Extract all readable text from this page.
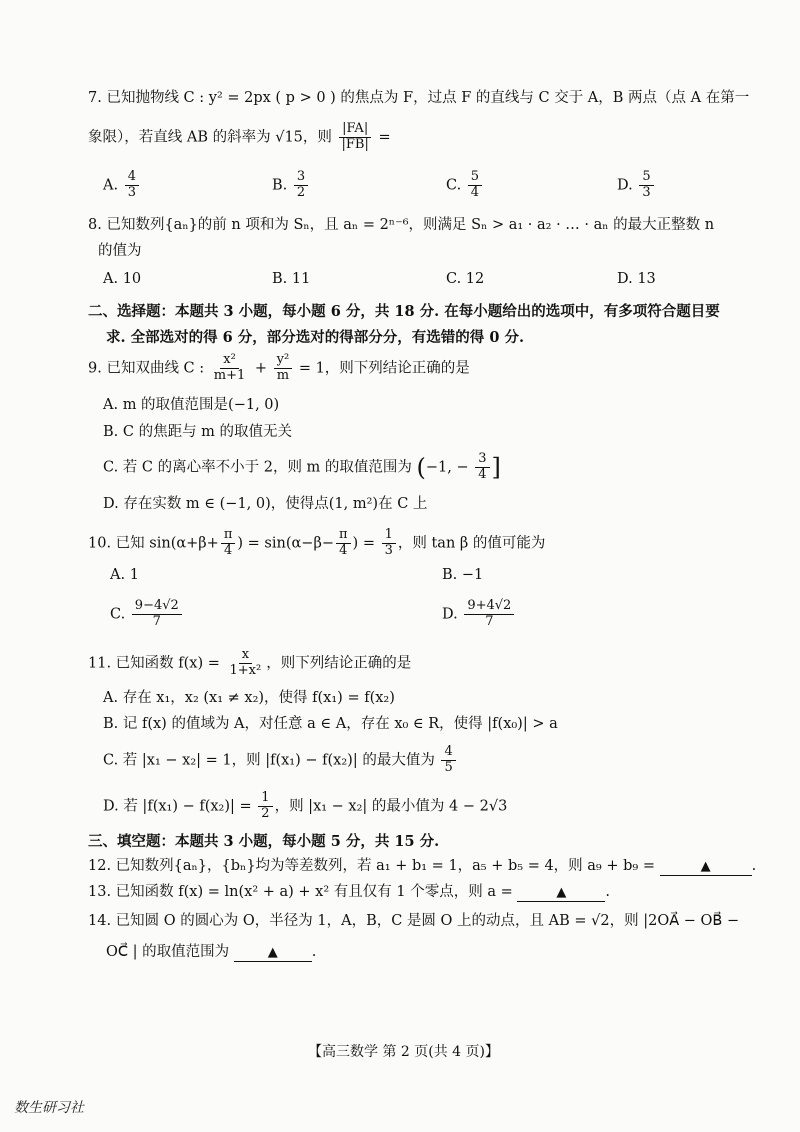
7. 已知抛物线 C : y² = 2px ( p > 0 ) 的焦点为 F，过点 F 的直线与 C 交于 A，B 两点（点 A 在第一
象限），若直线 AB 的斜率为 √15，则 $\frac{|FA|}{|FB|}$ =
A. $\frac{4}{3}$	B. $\frac{3}{2}$	C. $\frac{5}{4}$	D. $\frac{5}{3}$
8. 已知数列{aₙ}的前 n 项和为 Sₙ，且 aₙ = 2ⁿ⁻⁶，则满足 Sₙ > a₁ · a₂ · … · aₙ 的最大正整数 n
的值为
A. 10	B. 11	C. 12	D. 13
二、选择题：本题共 3 小题，每小题 6 分，共 18 分. 在每小题给出的选项中，有多项符合题目要
求. 全部选对的得 6 分，部分选对的得部分分，有选错的得 0 分.
9. 已知双曲线 C : $\frac{\text{x²}}{m+1} + \frac{\text{y²}}{m} = 1$，则下列结论正确的是
A. m 的取值范围是(−1, 0)
B. C 的焦距与 m 的取值无关
C. 若 C 的离心率不小于 2，则 m 的取值范围为 (−1, − $\frac{3}{4}$ ]
D. 存在实数 m ∈ (−1, 0)，使得点(1, m²)在 C 上
10. 已知 $\sin(\alpha+\beta+ \frac{\pi}{4}$ ) = $\sin(\alpha-\beta- \frac{\pi}{4}$ ) = $\frac{1}{3}$ ，则 tan β 的值可能为
A. 1	B. −1
C. $\frac{9-4√2}{7}$	D. $\frac{9+4√2}{7}$
11. 已知函数 $f(x) = \frac{x}{\text{1+x²}}$ ，则下列结论正确的是
A. 存在 x₁，x₂ (x₁ ≠ x₂)，使得 f(x₁) = f(x₂)
B. 记 f(x) 的值域为 A，对任意 a ∈ A，存在 x₀ ∈ R，使得 |f(x₀)| > a
C. 若 |x₁ − x₂| = 1，则 |f(x₁) − f(x₂)| 的最大值为 $\frac{4}{5}$
D. 若 $|f(x_1) - f(x_2)| = \frac{1}{2}$ ，则 |x₁ − x₂| 的最小值为 4 − 2√3
三、填空题：本题共 3 小题，每小题 5 分，共 15 分.
12. 已知数列{aₙ}，{bₙ}均为等差数列，若 a₁ + b₁ = 1，a₅ + b₅ = 4，则 a₉ + b₉ =	▲	.
13. 已知函数 f(x) = ln(x² + a) + x² 有且仅有 1 个零点，则 a =	▲	.
14. 已知圆 O 的圆心为 O，半径为 1，A，B，C 是圆 O 上的动点，且 AB = √2，则 |2OA⃗ − OB⃗ −
OC⃗ | 的取值范围为	▲ .
【高三数学 第 2 页(共 4 页)】
数生研习社
